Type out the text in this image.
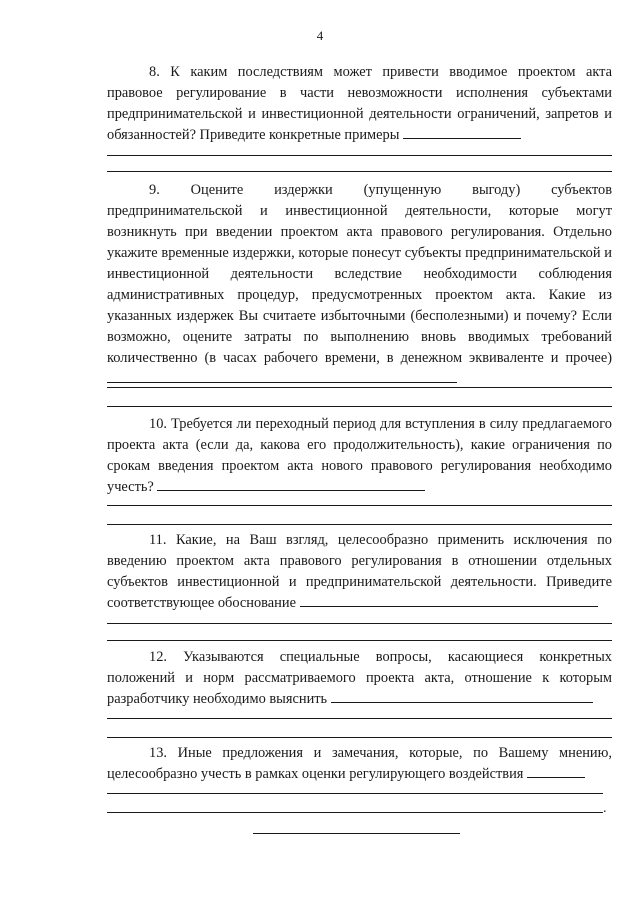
4

8. К каким последствиям может привести вводимое проектом акта правовое регулирование в части невозможности исполнения субъектами предпринимательской и инвестиционной деятельности ограничений, запретов и обязанностей? Приведите конкретные примеры

9. Оцените издержки (упущенную выгоду) субъектов предпринимательской и инвестиционной деятельности, которые могут возникнуть при введении проектом акта правового регулирования. Отдельно укажите временные издержки, которые понесут субъекты предпринимательской и инвестиционной деятельности вследствие необходимости соблюдения административных процедур, предусмотренных проектом акта. Какие из указанных издержек Вы считаете избыточными (бесполезными) и почему? Если возможно, оцените затраты по выполнению вновь вводимых требований количественно (в часах рабочего времени, в денежном эквиваленте и прочее)

10. Требуется ли переходный период для вступления в силу предлагаемого проекта акта (если да, какова его продолжительность), какие ограничения по срокам введения проектом акта нового правового регулирования необходимо учесть?

11. Какие, на Ваш взгляд, целесообразно применить исключения по введению проектом акта правового регулирования в отношении отдельных субъектов инвестиционной и предпринимательской деятельности. Приведите соответствующее обоснование

12. Указываются специальные вопросы, касающиеся конкретных положений и норм рассматриваемого проекта акта, отношение к которым разработчику необходимо выяснить

13. Иные предложения и замечания, которые, по Вашему мнению, целесообразно учесть в рамках оценки регулирующего воздействия

.
